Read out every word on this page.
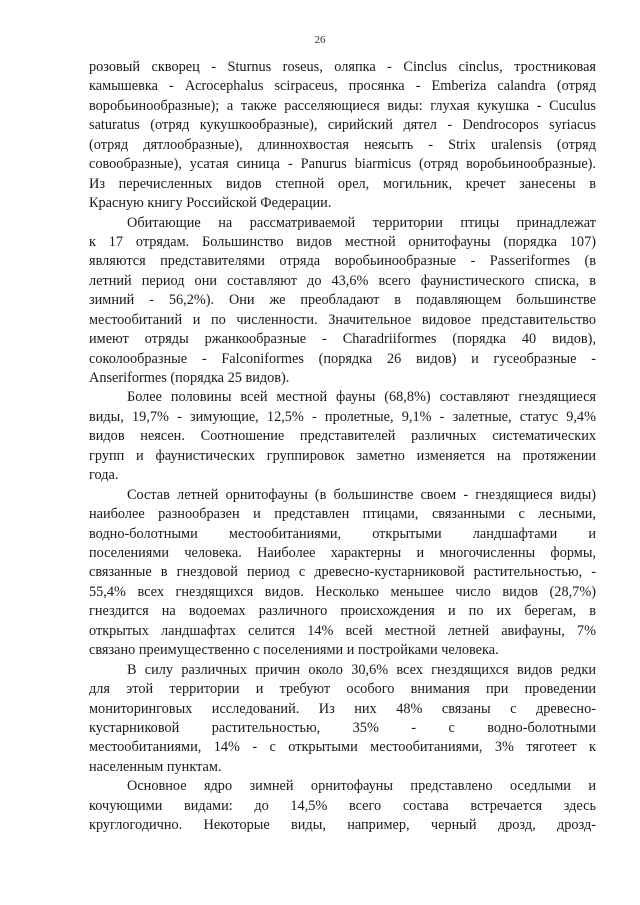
26

розовый скворец - Sturnus roseus, оляпка - Cinclus cinclus, тростниковая
камышевка - Acrocephalus scirpaceus, просянка - Emberiza calandra (отряд
воробьинообразные); а также расселяющиеся виды: глухая кукушка - Cuculus
saturatus (отряд кукушкообразные), сирийский дятел - Dendrocopos syriacus
(отряд дятлообразные), длиннохвостая неясыть - Strix uralensis (отряд
совообразные), усатая синица - Panurus biarmicus (отряд воробьинообразные).
Из перечисленных видов степной орел, могильник, кречет занесены в
Красную книгу Российской Федерации.

Обитающие на рассматриваемой территории птицы принадлежат
к 17 отрядам. Большинство видов местной орнитофауны (порядка 107)
являются представителями отряда воробьинообразные - Passeriformes (в
летний период они составляют до 43,6% всего фаунистического списка, в
зимний - 56,2%). Они же преобладают в подавляющем большинстве
местообитаний и по численности. Значительное видовое представительство
имеют отряды ржанкообразные - Charadriiformes (порядка 40 видов),
соколообразные - Falconiformes (порядка 26 видов) и гусеобразные -
Anseriformes (порядка 25 видов).

Более половины всей местной фауны (68,8%) составляют гнездящиеся
виды, 19,7% - зимующие, 12,5% - пролетные, 9,1% - залетные, статус 9,4%
видов неясен. Соотношение представителей различных систематических
групп и фаунистических группировок заметно изменяется на протяжении
года.

Состав летней орнитофауны (в большинстве своем - гнездящиеся виды)
наиболее разнообразен и представлен птицами, связанными с лесными,
водно-болотными местообитаниями, открытыми ландшафтами и
поселениями человека. Наиболее характерны и многочисленны формы,
связанные в гнездовой период с древесно-кустарниковой растительностью, -
55,4% всех гнездящихся видов. Несколько меньшее число видов (28,7%)
гнездится на водоемах различного происхождения и по их берегам, в
открытых ландшафтах селится 14% всей местной летней авифауны, 7%
связано преимущественно с поселениями и постройками человека.

В силу различных причин около 30,6% всех гнездящихся видов редки
для этой территории и требуют особого внимания при проведении
мониторинговых исследований. Из них 48% связаны с древесно-
кустарниковой растительностью, 35% - с водно-болотными
местообитаниями, 14% - с открытыми местообитаниями, 3% тяготеет к
населенным пунктам.

Основное ядро зимней орнитофауны представлено оседлыми и
кочующими видами: до 14,5% всего состава встречается здесь
круглогодично. Некоторые виды, например, черный дрозд, дрозд-
